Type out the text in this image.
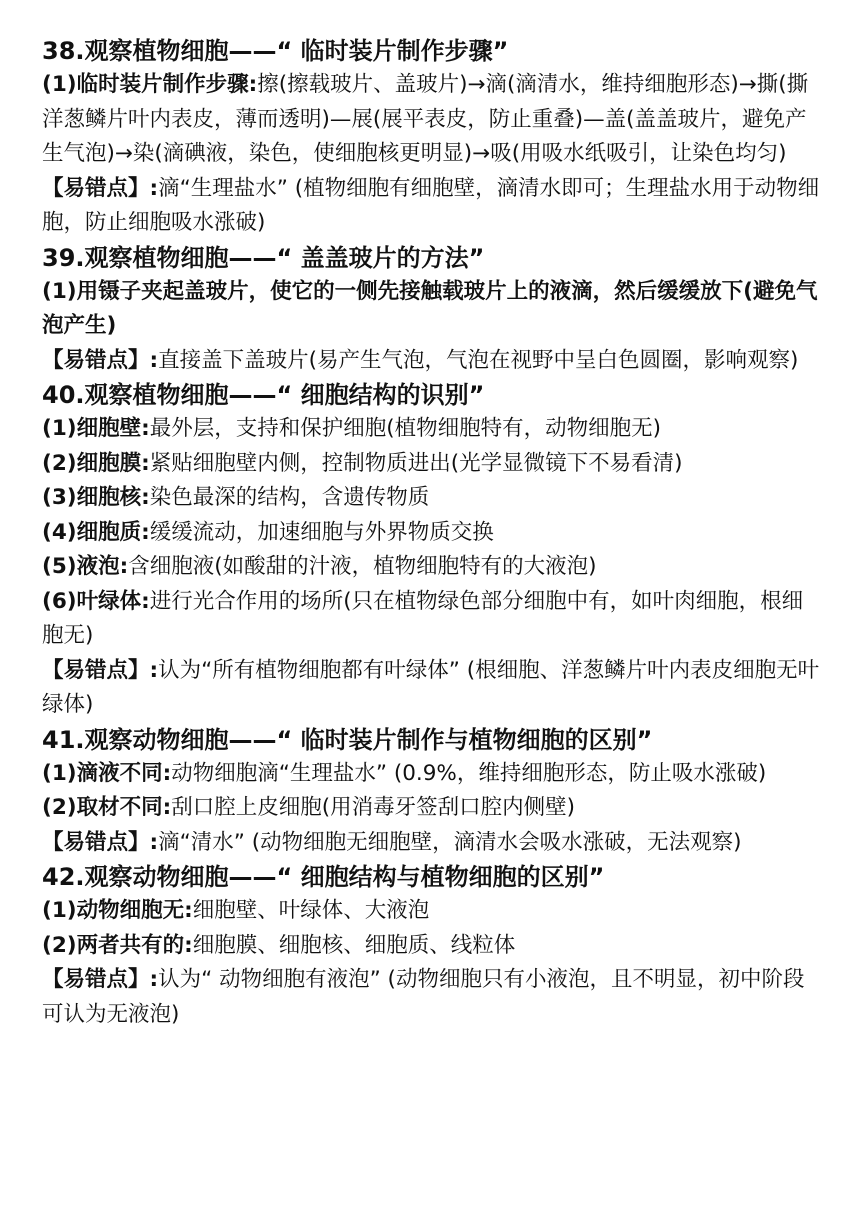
38.观察植物细胞——“ 临时装片制作步骤”

(1)临时装片制作步骤:擦(擦载玻片、盖玻片)→滴(滴清水，维持细胞形态)→撕(撕洋葱鳞片叶内表皮，薄而透明)—展(展平表皮，防止重叠)—盖(盖盖玻片，避免产生气泡)→染(滴碘液，染色，使细胞核更明显)→吸(用吸水纸吸引，让染色均匀)

【易错点】:滴“生理盐水” (植物细胞有细胞壁，滴清水即可；生理盐水用于动物细胞，防止细胞吸水涨破)

39.观察植物细胞——“ 盖盖玻片的方法”

(1)用镊子夹起盖玻片，使它的一侧先接触载玻片上的液滴，然后缓缓放下(避免气泡产生)

【易错点】:直接盖下盖玻片(易产生气泡，气泡在视野中呈白色圆圈，影响观察)

40.观察植物细胞——“ 细胞结构的识别”

(1)细胞壁:最外层，支持和保护细胞(植物细胞特有，动物细胞无)

(2)细胞膜:紧贴细胞壁内侧，控制物质进出(光学显微镜下不易看清)

(3)细胞核:染色最深的结构，含遗传物质

(4)细胞质:缓缓流动，加速细胞与外界物质交换

(5)液泡:含细胞液(如酸甜的汁液，植物细胞特有的大液泡)

(6)叶绿体:进行光合作用的场所(只在植物绿色部分细胞中有，如叶肉细胞，根细胞无)

【易错点】:认为“所有植物细胞都有叶绿体” (根细胞、洋葱鳞片叶内表皮细胞无叶绿体)

41.观察动物细胞——“ 临时装片制作与植物细胞的区别”

(1)滴液不同:动物细胞滴“生理盐水” (0.9%，维持细胞形态，防止吸水涨破)

(2)取材不同:刮口腔上皮细胞(用消毒牙签刮口腔内侧壁)

【易错点】:滴“清水” (动物细胞无细胞壁，滴清水会吸水涨破，无法观察)

42.观察动物细胞——“ 细胞结构与植物细胞的区别”

(1)动物细胞无:细胞壁、叶绿体、大液泡

(2)两者共有的:细胞膜、细胞核、细胞质、线粒体

【易错点】:认为“ 动物细胞有液泡” (动物细胞只有小液泡，且不明显，初中阶段可认为无液泡)
